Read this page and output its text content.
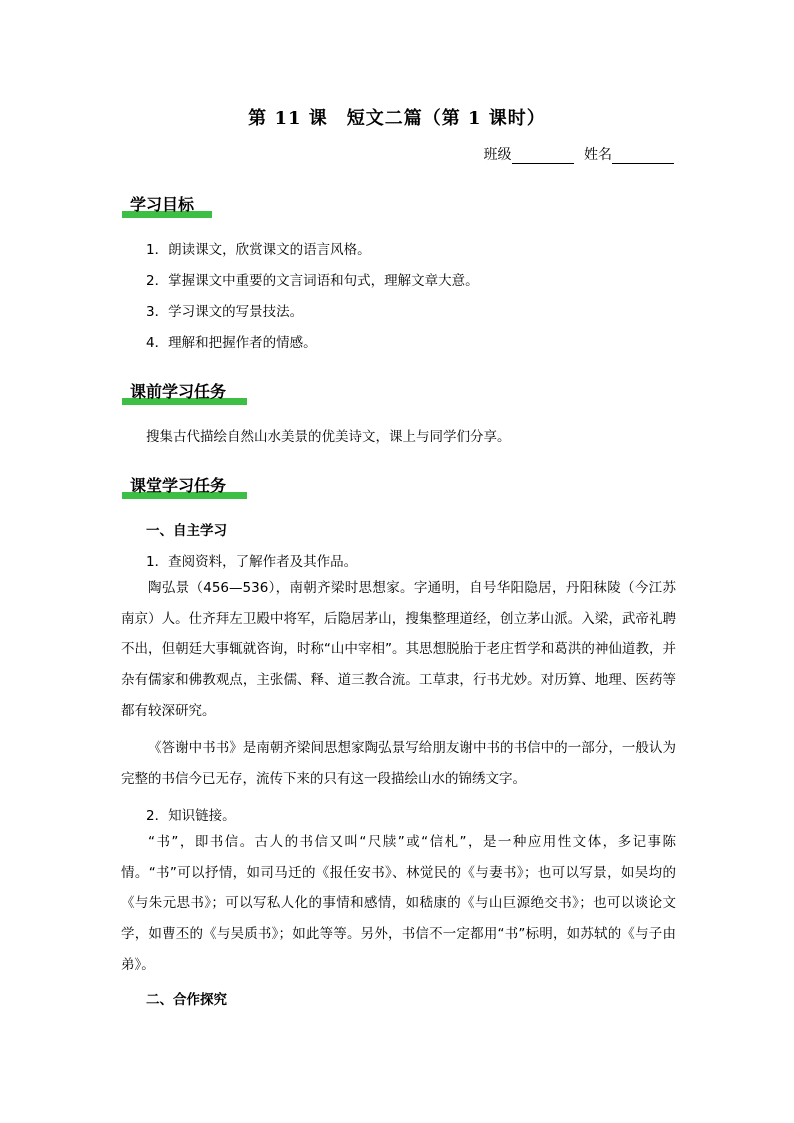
第 11 课　短文二篇（第 1 课时）
班级	姓名
学习目标
1．朗读课文，欣赏课文的语言风格。
2．掌握课文中重要的文言词语和句式，理解文章大意。
3．学习课文的写景技法。
4．理解和把握作者的情感。
课前学习任务
搜集古代描绘自然山水美景的优美诗文，课上与同学们分享。
课堂学习任务
一、自主学习
1．查阅资料，了解作者及其作品。

陶弘景（456—536），南朝齐梁时思想家。字通明，自号华阳隐居，丹阳秣陵（今江苏南京）人。仕齐拜左卫殿中将军，后隐居茅山，搜集整理道经，创立茅山派。入梁，武帝礼聘不出，但朝廷大事辄就咨询，时称“山中宰相”。其思想脱胎于老庄哲学和葛洪的神仙道教，并杂有儒家和佛教观点，主张儒、释、道三教合流。工草隶，行书尤妙。对历算、地理、医药等都有较深研究。

《答谢中书书》是南朝齐梁间思想家陶弘景写给朋友谢中书的书信中的一部分，一般认为完整的书信今已无存，流传下来的只有这一段描绘山水的锦绣文字。

2．知识链接。

“书”，即书信。古人的书信又叫“尺牍”或“信札”，是一种应用性文体，多记事陈情。“书”可以抒情，如司马迁的《报任安书》、林觉民的《与妻书》；也可以写景，如吴均的《与朱元思书》；可以写私人化的事情和感情，如嵇康的《与山巨源绝交书》；也可以谈论文学，如曹丕的《与吴质书》；如此等等。另外，书信不一定都用“书”标明，如苏轼的《与子由弟》。

二、合作探究
